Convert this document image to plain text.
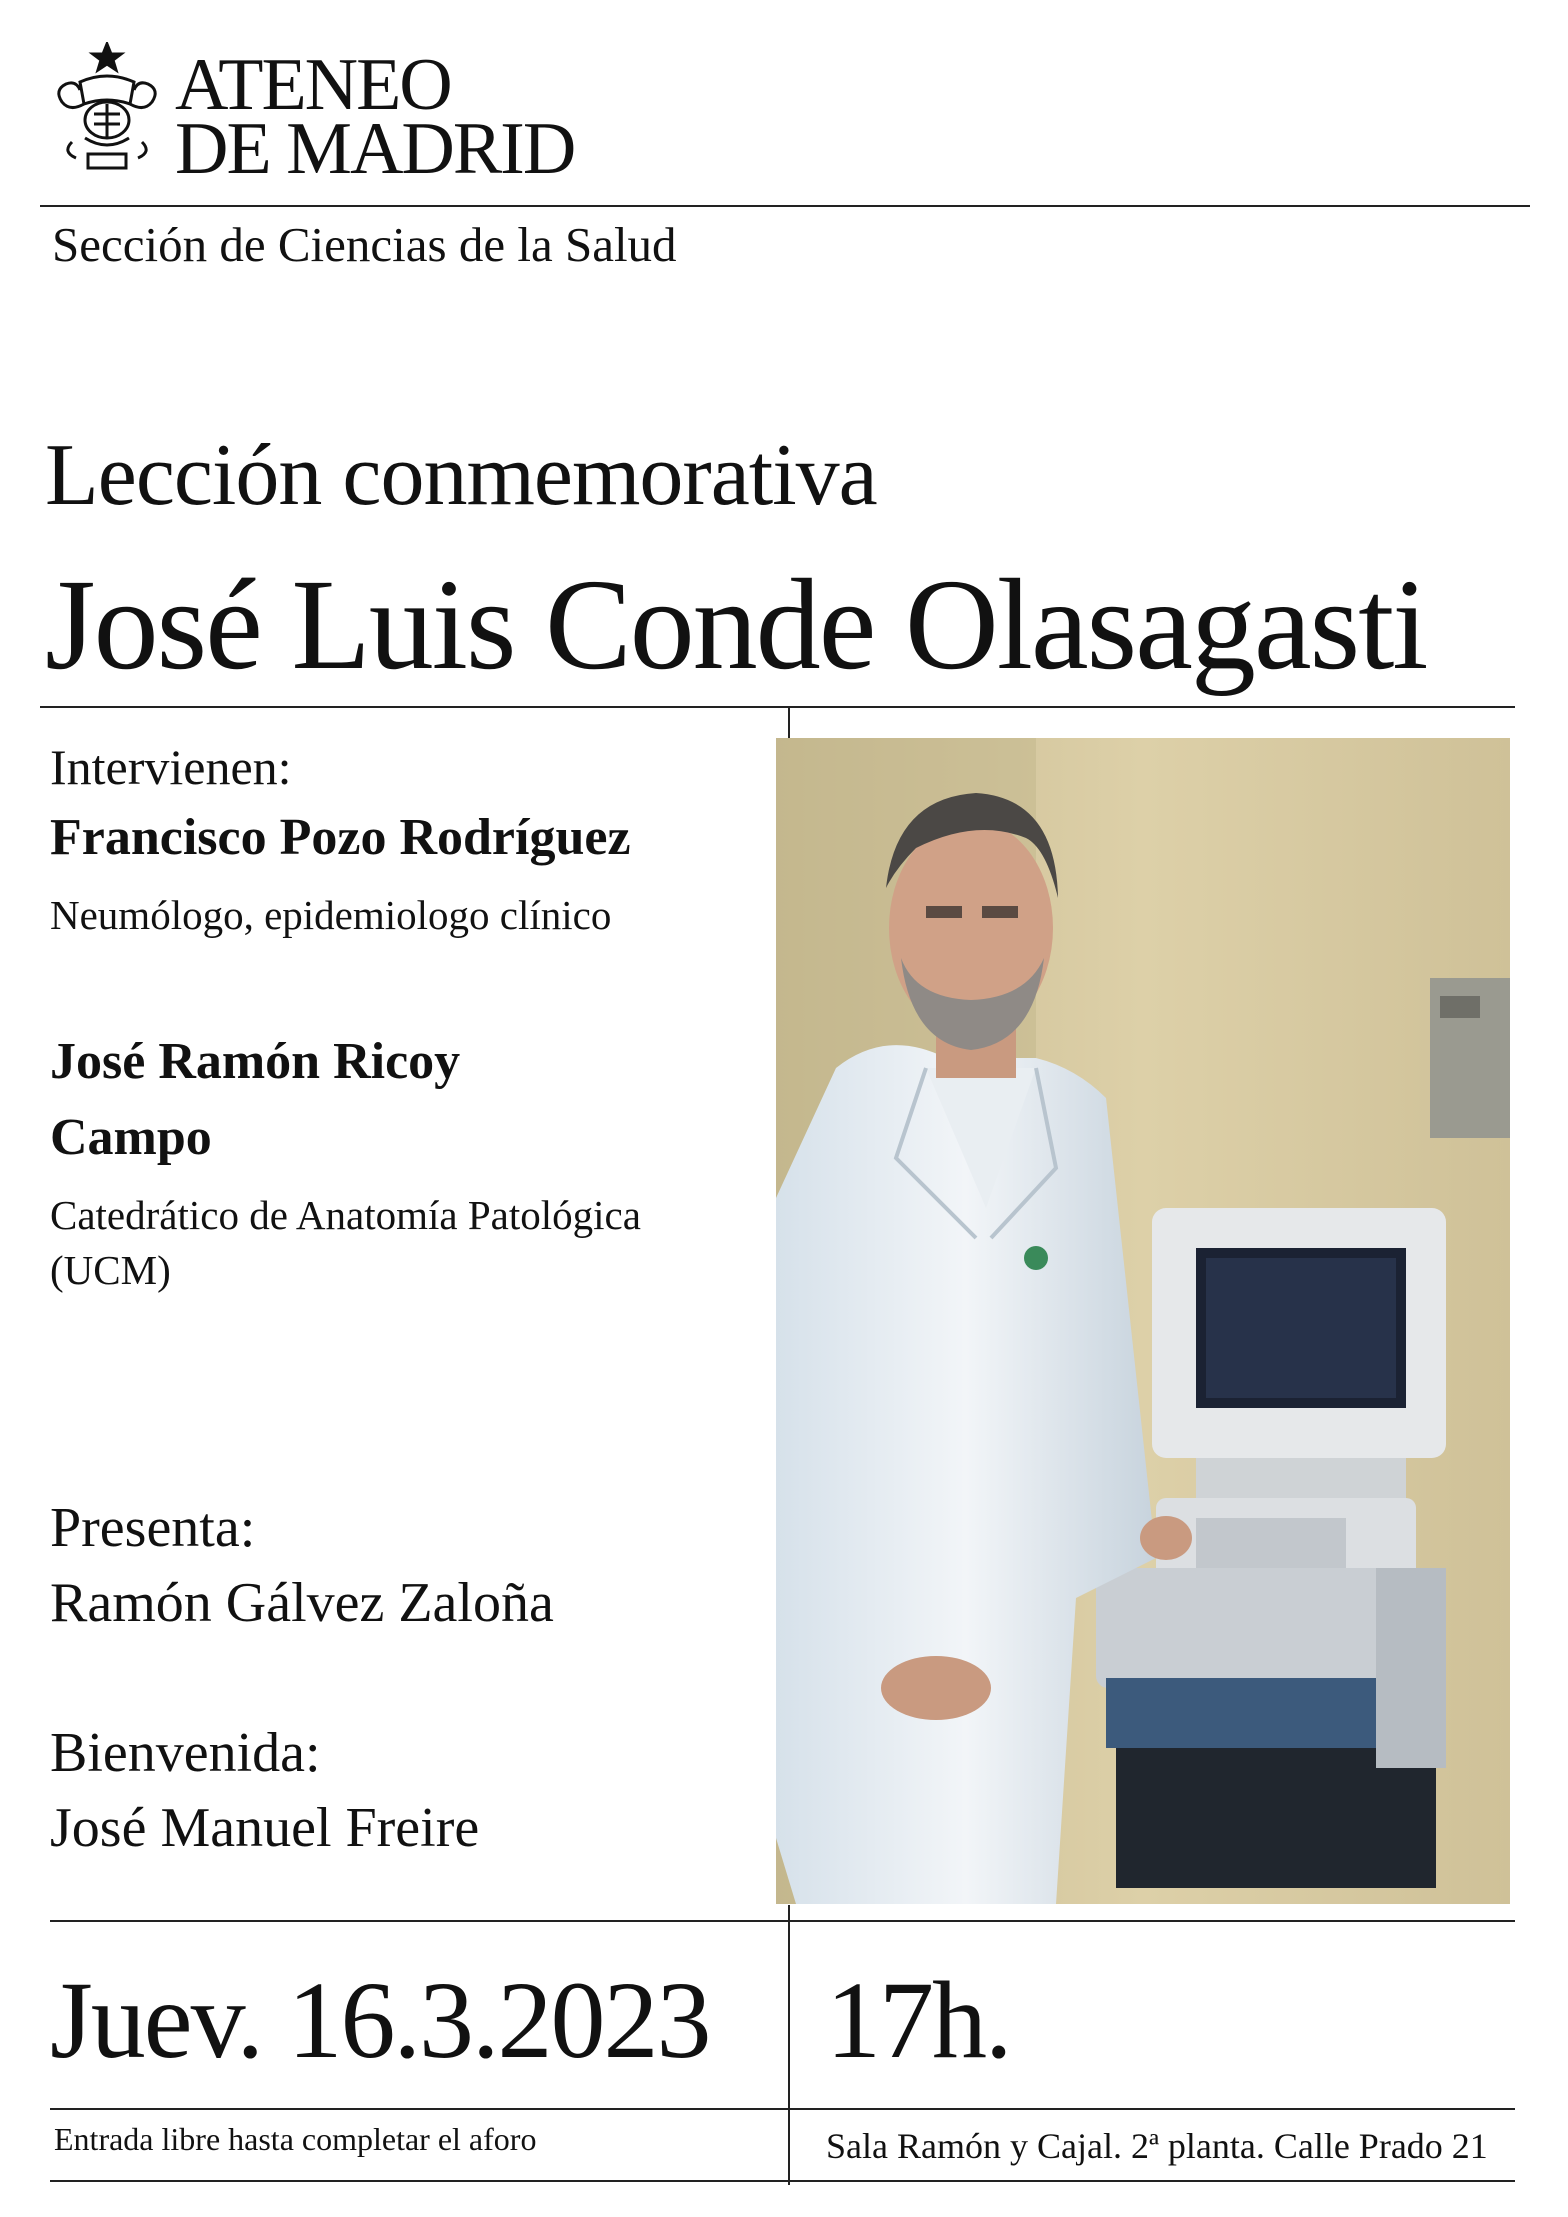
ATENEO
DE MADRID
Sección de Ciencias de la Salud
Lección conmemorativa
José Luis Conde Olasagasti
Intervienen:
Francisco Pozo Rodríguez
Neumólogo, epidemiologo clínico
José Ramón Ricoy
Campo
Catedrático de Anatomía Patológica
(UCM)
Presenta:
Ramón Gálvez Zaloña
Bienvenida:
José Manuel Freire
Juev. 16.3.2023 17h.
Entrada libre hasta completar el aforo	Sala Ramón y Cajal. 2ª planta. Calle Prado 21
